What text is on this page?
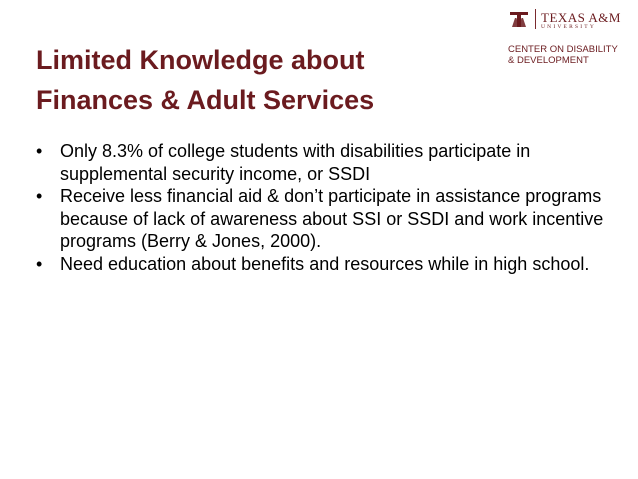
Limited Knowledge about
Finances & Adult Services
TEXAS A&M
UNIVERSITY
CENTER ON DISABILITY
& DEVELOPMENT
• Only 8.3% of college students with disabilities participate in supplemental security income, or SSDI
• Receive less financial aid & don’t participate in assistance programs because of lack of awareness about SSI or SSDI and work incentive programs (Berry & Jones, 2000).
• Need education about benefits and resources while in high school.
